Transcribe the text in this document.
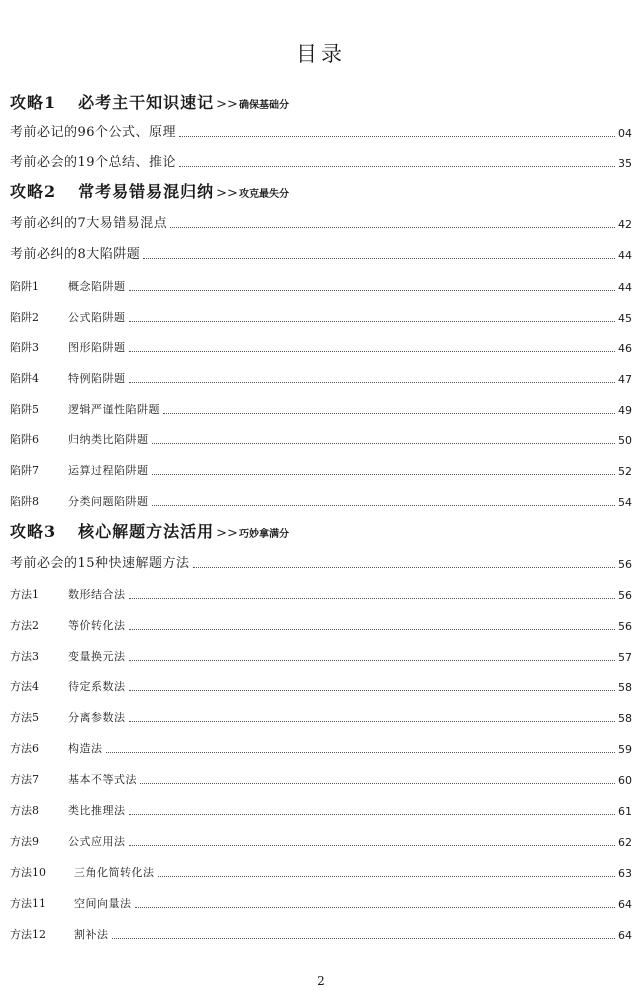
目录
攻略1 必考主干知识速记 >> 确保基础分
考前必记的96个公式、原理	04
考前必会的19个总结、推论	35
攻略2 常考易错易混归纳 >> 攻克最失分
考前必纠的7大易错易混点	42
考前必纠的8大陷阱题	44
陷阱1	概念陷阱题	44
陷阱2	公式陷阱题	45
陷阱3	图形陷阱题	46
陷阱4	特例陷阱题	47
陷阱5	逻辑严谨性陷阱题	49
陷阱6	归纳类比陷阱题	50
陷阱7	运算过程陷阱题	52
陷阱8	分类问题陷阱题	54
攻略3 核心解题方法活用 >> 巧妙拿满分
考前必会的15种快速解题方法	56
方法1	数形结合法	56
方法2	等价转化法	56
方法3	变量换元法	57
方法4	待定系数法	58
方法5	分离参数法	58
方法6	构造法	59
方法7	基本不等式法	60
方法8	类比推理法	61
方法9	公式应用法	62
方法10	三角化简转化法	63
方法11	空间向量法	64
方法12	割补法	64
2
